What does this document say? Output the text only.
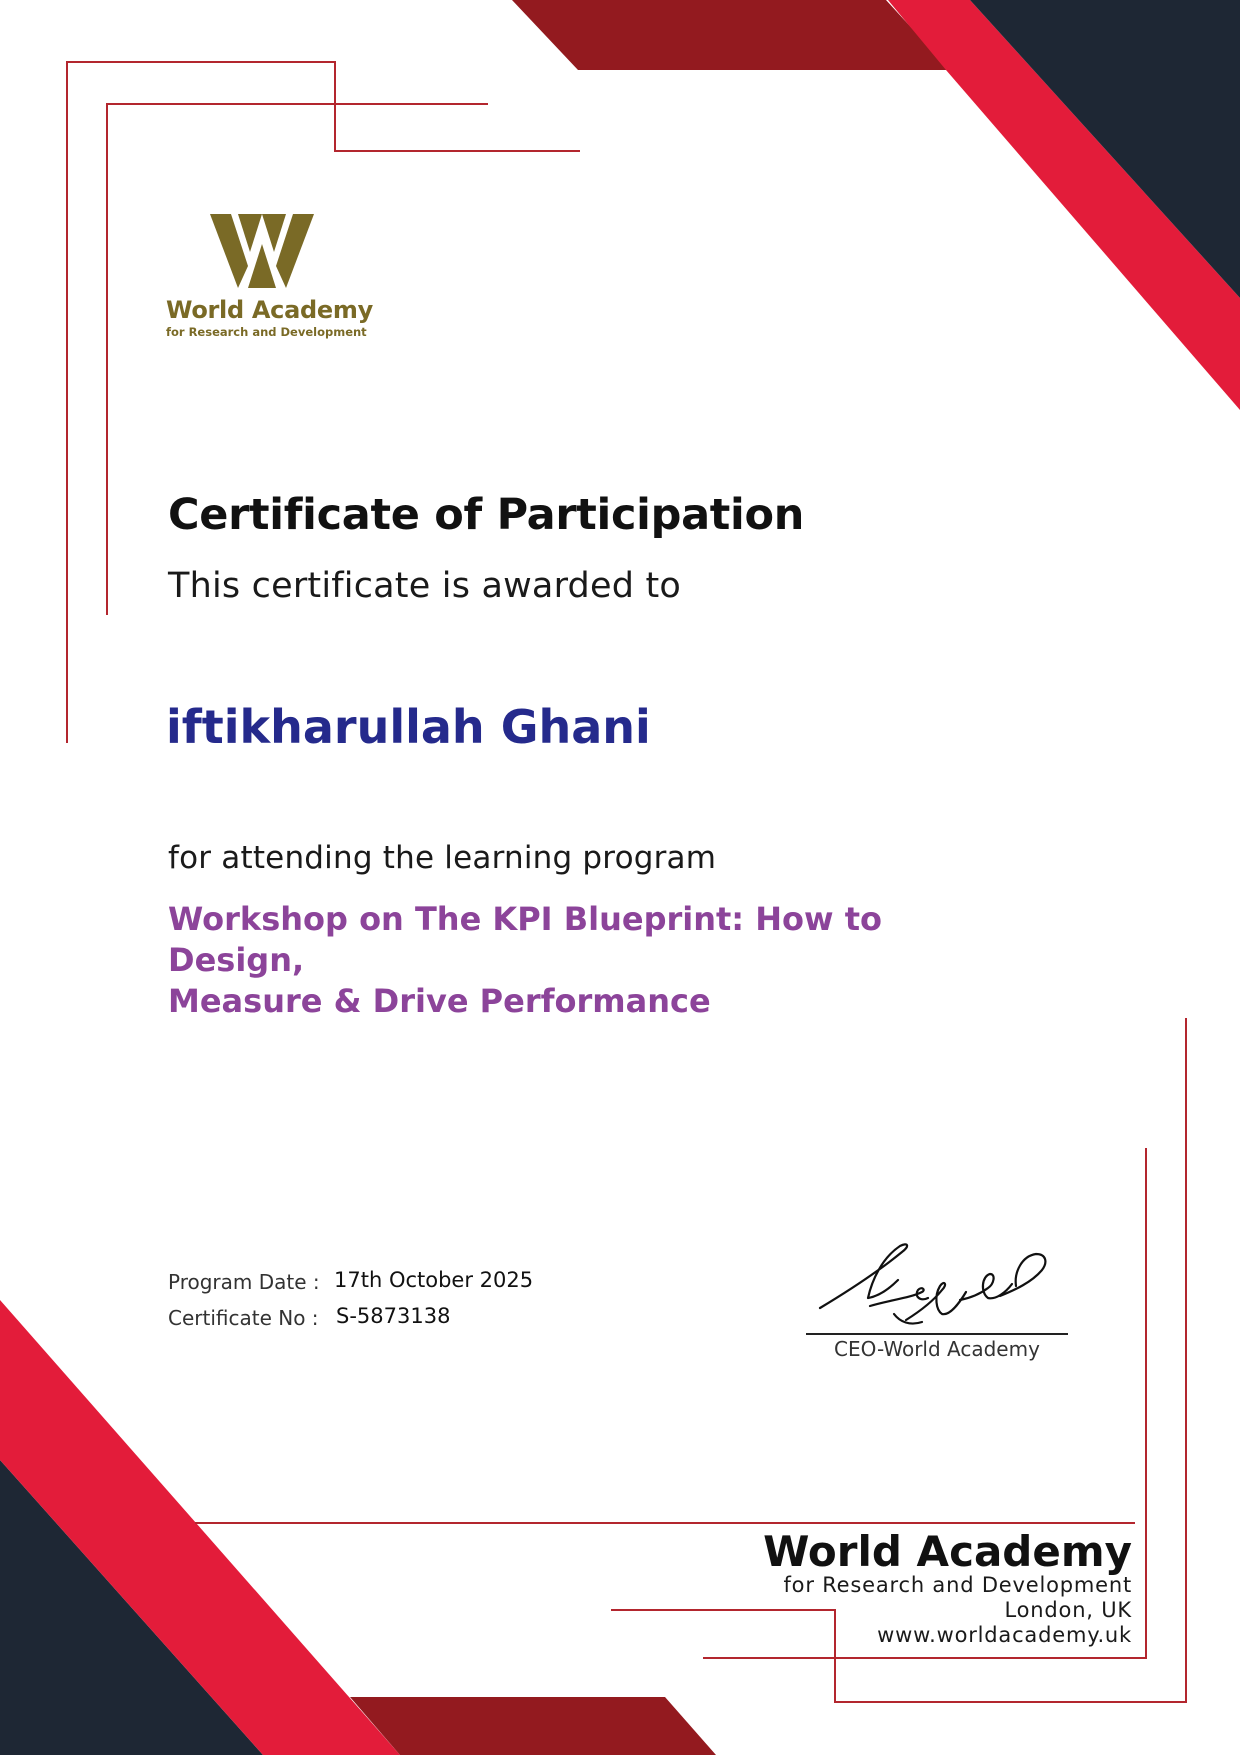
World Academy
for Research and Development
Certificate of Participation
This certificate is awarded to
iftikharullah Ghani
for attending the learning program
Workshop on The KPI Blueprint: How to Design,
Measure & Drive Performance
Program Date : 17th October 2025
Certificate No : S-5873138
CEO-World Academy
World Academy
for Research and Development
London, UK
www.worldacademy.uk
